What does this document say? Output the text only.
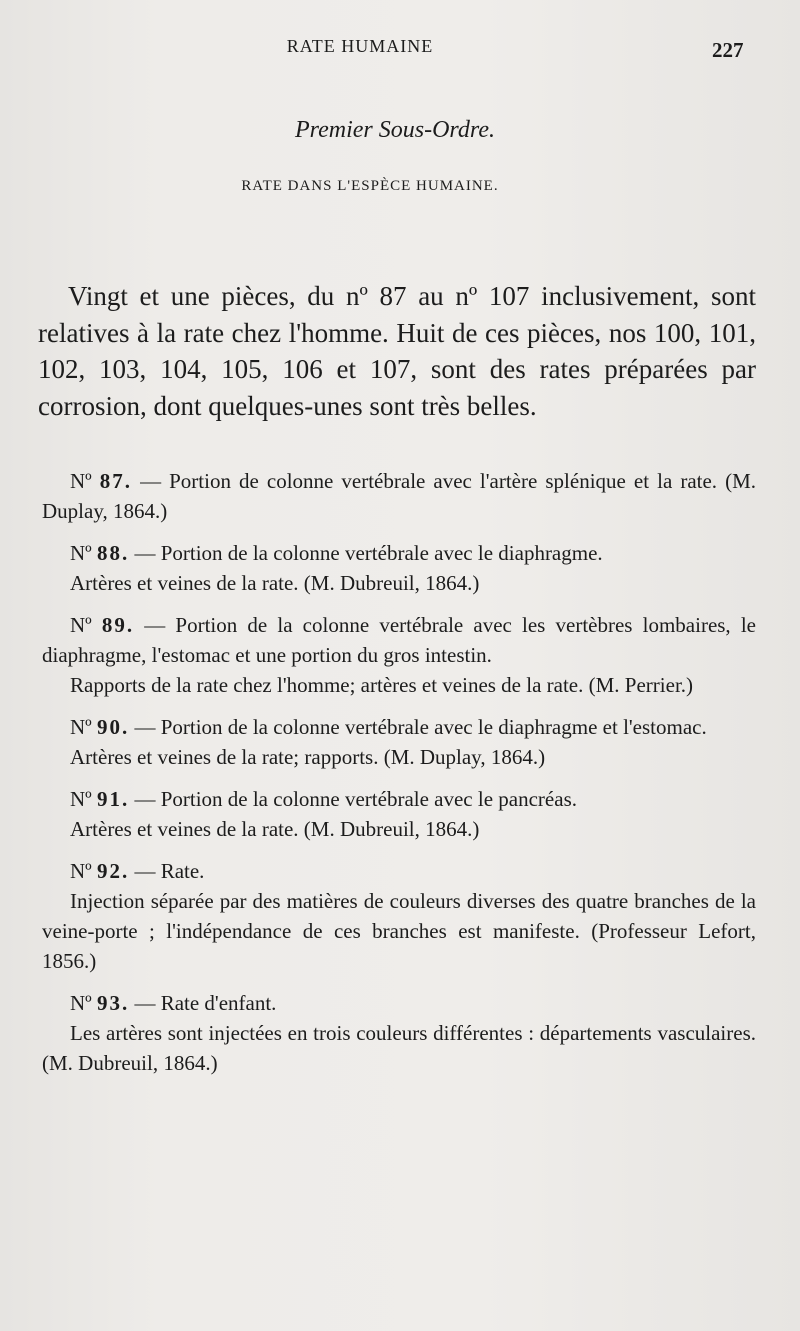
RATE HUMAINE	227
Premier Sous-Ordre.
RATE DANS L'ESPÈCE HUMAINE.

Vingt et une pièces, du nº 87 au nº 107 inclusivement, sont relatives à la rate chez l'homme. Huit de ces pièces, nos 100, 101, 102, 103, 104, 105, 106 et 107, sont des rates préparées par corrosion, dont quelques-unes sont très belles.

Nº 87. — Portion de colonne vertébrale avec l'artère splénique et la rate. (M. Duplay, 1864.)

Nº 88. — Portion de la colonne vertébrale avec le diaphragme.

Artères et veines de la rate. (M. Dubreuil, 1864.)

Nº 89. — Portion de la colonne vertébrale avec les vertèbres lombaires, le diaphragme, l'estomac et une portion du gros intestin.

Rapports de la rate chez l'homme; artères et veines de la rate. (M. Perrier.)

Nº 90. — Portion de la colonne vertébrale avec le diaphragme et l'estomac.

Artères et veines de la rate; rapports. (M. Duplay, 1864.)

Nº 91. — Portion de la colonne vertébrale avec le pancréas.

Artères et veines de la rate. (M. Dubreuil, 1864.)

Nº 92. — Rate.

Injection séparée par des matières de couleurs diverses des quatre branches de la veine-porte ; l'indépendance de ces branches est manifeste. (Professeur Lefort, 1856.)

Nº 93. — Rate d'enfant.

Les artères sont injectées en trois couleurs différentes : départements vasculaires. (M. Dubreuil, 1864.)
